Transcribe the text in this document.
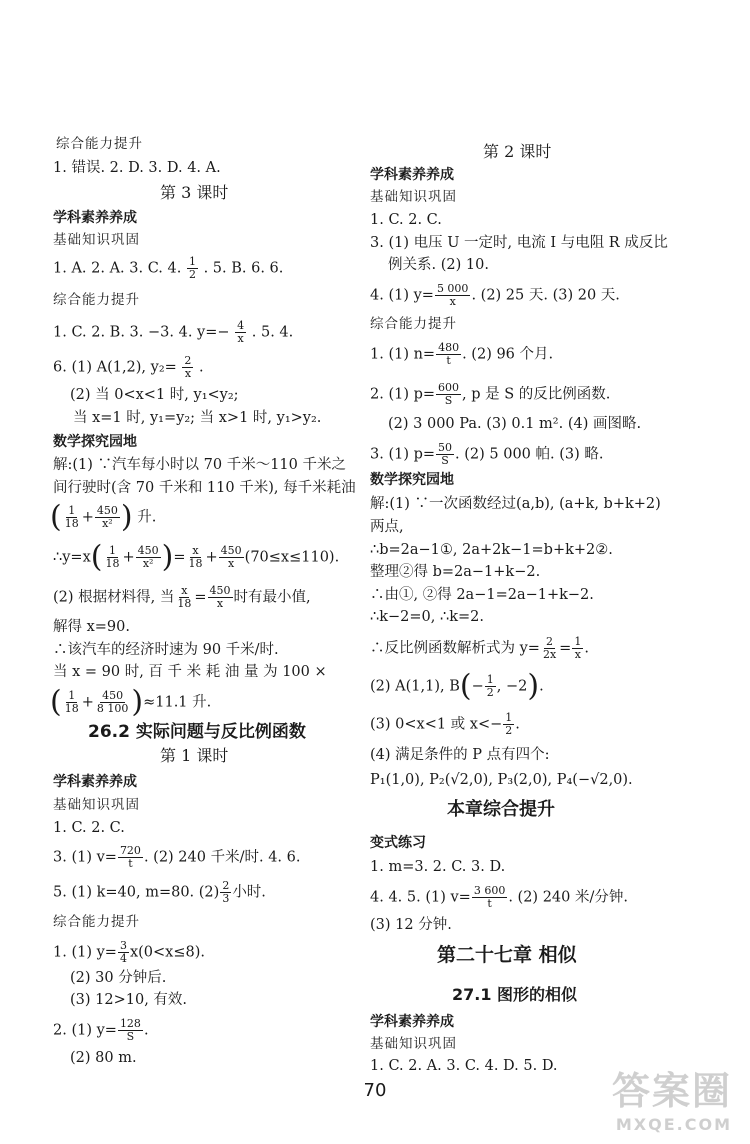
综合能力提升
1. 错误. 2. D. 3. D. 4. A.
第 3 课时
学科素养养成
基础知识巩固
1. A. 2. A. 3. C. 4. $\frac{1}{2}$ . 5. B. 6. 6.
综合能力提升
1. C. 2. B. 3. −3. 4. $y=- \frac{4}{x}$ . 5. 4.
6. (1) A(1,2), $y_2= \frac{2}{x}$ .
(2) 当 0<x<1 时, y₁<y₂;
当 x=1 时, y₁=y₂; 当 x>1 时, y₁>y₂.
数学探究园地
解:(1) ∵汽车每小时以 70 千米～110 千米之
间行驶时(含 70 千米和 110 千米), 每千米耗油
( $\frac{1}{18} + \frac{450}{\text{x²}}$ ) 升.
∴y=x( $\frac{1}{18} + \frac{450}{\text{x²}}$ )= $\frac{x}{18} + \frac{450}{x} (70\le x\le 110)$.
(2) 根据材料得, 当 $\frac{x}{18} = \frac{450}{x}$ 时有最小值,
解得 x=90.
∴该汽车的经济时速为 90 千米/时.
当 x = 90 时, 百 千 米 耗 油 量 为 100 ×
( $\frac{1}{18} + \frac{450}{8 100} )\approx 11.1$ 升.
26.2 实际问题与反比例函数
第 1 课时
学科素养养成
基础知识巩固
1. C. 2. C.
3. (1) $v= \frac{720}{t}$ . (2) 240 千米/时. 4. 6.
5. (1) k=40, m=80. $(2) \frac{2}{3}$ 小时.
综合能力提升
1. (1) $y= \frac{3}{4} x(0<x\le 8)$.
(2) 30 分钟后.
(3) 12>10, 有效.
2. (1) $y= \frac{128}{S}$ .
(2) 80 m.
第 2 课时
学科素养养成
基础知识巩固
1. C. 2. C.
3. (1) 电压 U 一定时, 电流 I 与电阻 R 成反比
例关系. (2) 10.
4. (1) $y= \frac{5 000}{x}$ . (2) 25 天. (3) 20 天.
综合能力提升
1. (1) $n= \frac{480}{t}$ . (2) 96 个月.
2. (1) $p= \frac{600}{S}$ , p 是 S 的反比例函数.
(2) 3 000 Pa. (3) 0.1 m². (4) 画图略.
3. (1) $p= \frac{50}{S}$ . (2) 5 000 帕. (3) 略.
数学探究园地
解:(1) ∵一次函数经过(a,b), (a+k, b+k+2)
两点,
∴b=2a−1①, 2a+2k−1=b+k+2②.
整理②得 b=2a−1+k−2.
∴由①, ②得 2a−1=2a−1+k−2.
∴k−2=0, ∴k=2.
∴反比例函数解析式为 $y= \frac{2}{2x} = \frac{1}{x}$ .
(2) A(1,1), $B(- \frac{1}{2}$ , −2).
(3) 0<x<1 或 $x<- \frac{1}{2}$ .
(4) 满足条件的 P 点有四个:
P₁(1,0), P₂(√2,0), P₃(2,0), P₄(−√2,0).
本章综合提升
变式练习
1. m=3. 2. C. 3. D.
4. 4. 5. (1) $v= \frac{3 600}{t}$ . (2) 240 米/分钟.
(3) 12 分钟.
第二十七章 相似
27.1 图形的相似
学科素养养成
基础知识巩固
1. C. 2. A. 3. C. 4. D. 5. D.
70	答案圈
MXQE.COM
